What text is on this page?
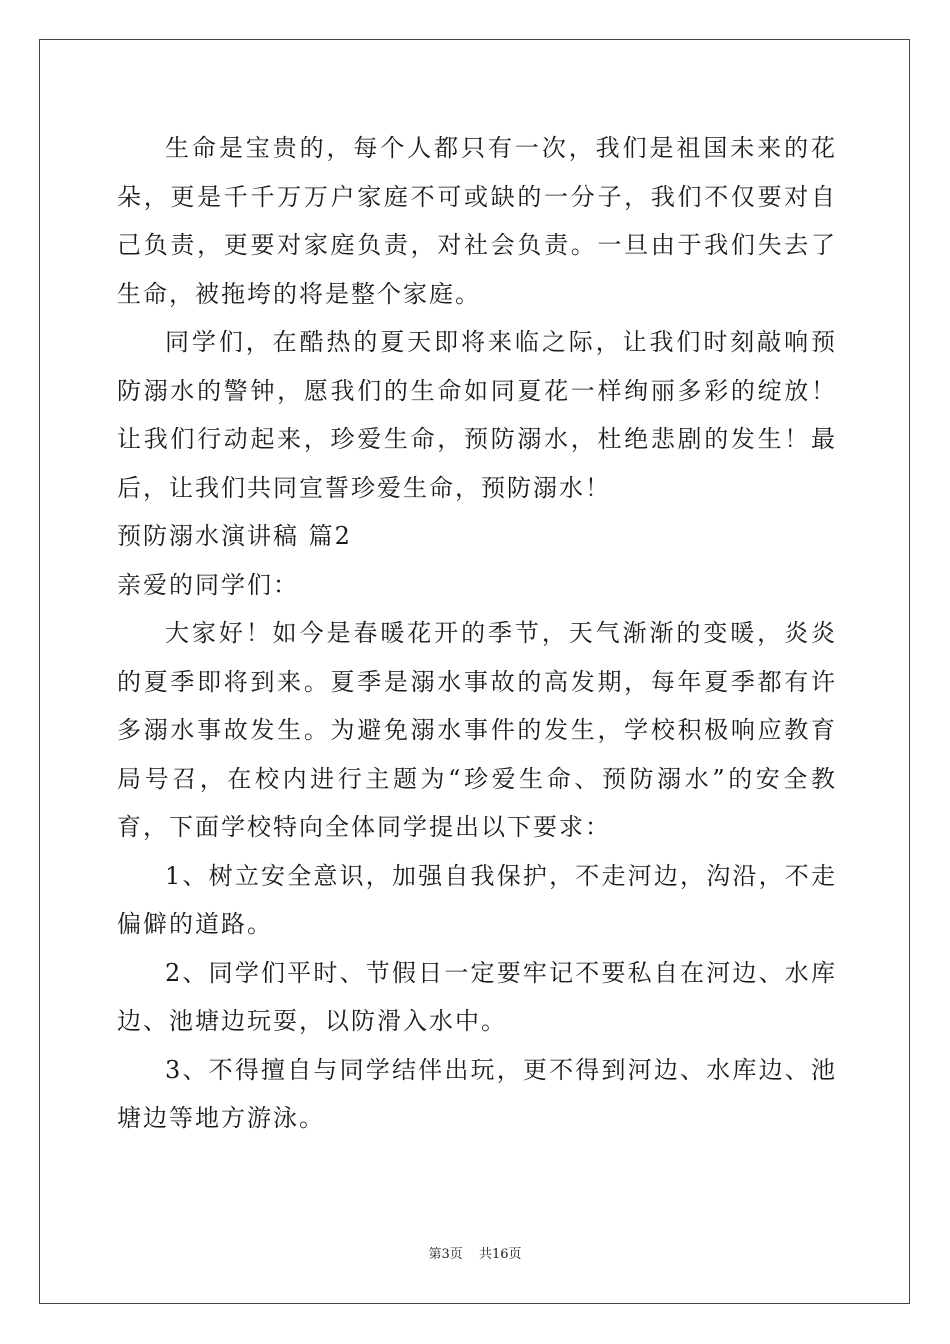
生命是宝贵的，每个人都只有一次，我们是祖国未来的花朵，更是千千万万户家庭不可或缺的一分子，我们不仅要对自己负责，更要对家庭负责，对社会负责。一旦由于我们失去了生命，被拖垮的将是整个家庭。

同学们，在酷热的夏天即将来临之际，让我们时刻敲响预防溺水的警钟，愿我们的生命如同夏花一样绚丽多彩的绽放！让我们行动起来，珍爱生命，预防溺水，杜绝悲剧的发生！最后，让我们共同宣誓珍爱生命，预防溺水！

预防溺水演讲稿 篇2

亲爱的同学们：

大家好！如今是春暖花开的季节，天气渐渐的变暖，炎炎的夏季即将到来。夏季是溺水事故的高发期，每年夏季都有许多溺水事故发生。为避免溺水事件的发生，学校积极响应教育局号召，在校内进行主题为“珍爱生命、预防溺水”的安全教育，下面学校特向全体同学提出以下要求：

1、树立安全意识，加强自我保护，不走河边，沟沿，不走偏僻的道路。

2、同学们平时、节假日一定要牢记不要私自在河边、水库边、池塘边玩耍，以防滑入水中。

3、不得擅自与同学结伴出玩，更不得到河边、水库边、池塘边等地方游泳。

第3页 共16页
